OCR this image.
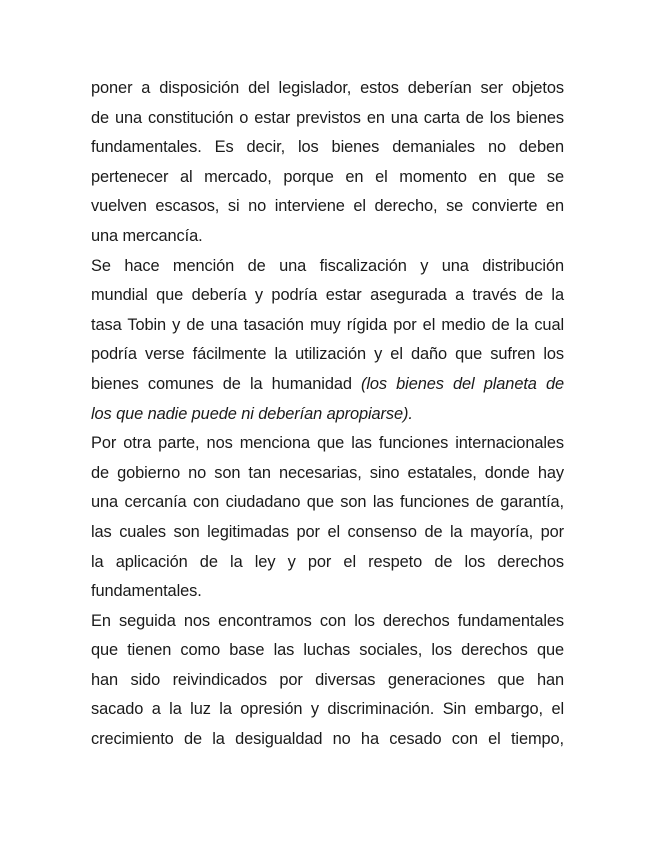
poner a disposición del legislador, estos deberían ser objetos
de una constitución o estar previstos en una carta de los bienes
fundamentales. Es decir, los bienes demaniales no deben
pertenecer al mercado, porque en el momento en que se
vuelven escasos, si no interviene el derecho, se convierte en
una mercancía.
Se hace mención de una fiscalización y una distribución
mundial que debería y podría estar asegurada a través de la
tasa Tobin y de una tasación muy rígida por el medio de la cual
podría verse fácilmente la utilización y el daño que sufren los
bienes comunes de la humanidad (los bienes del planeta de
los que nadie puede ni deberían apropiarse).
Por otra parte, nos menciona que las funciones internacionales
de gobierno no son tan necesarias, sino estatales, donde hay
una cercanía con ciudadano que son las funciones de garantía,
las cuales son legitimadas por el consenso de la mayoría, por
la aplicación de la ley y por el respeto de los derechos
fundamentales.
En seguida nos encontramos con los derechos fundamentales
que tienen como base las luchas sociales, los derechos que
han sido reivindicados por diversas generaciones que han
sacado a la luz la opresión y discriminación. Sin embargo, el
crecimiento de la desigualdad no ha cesado con el tiempo,
